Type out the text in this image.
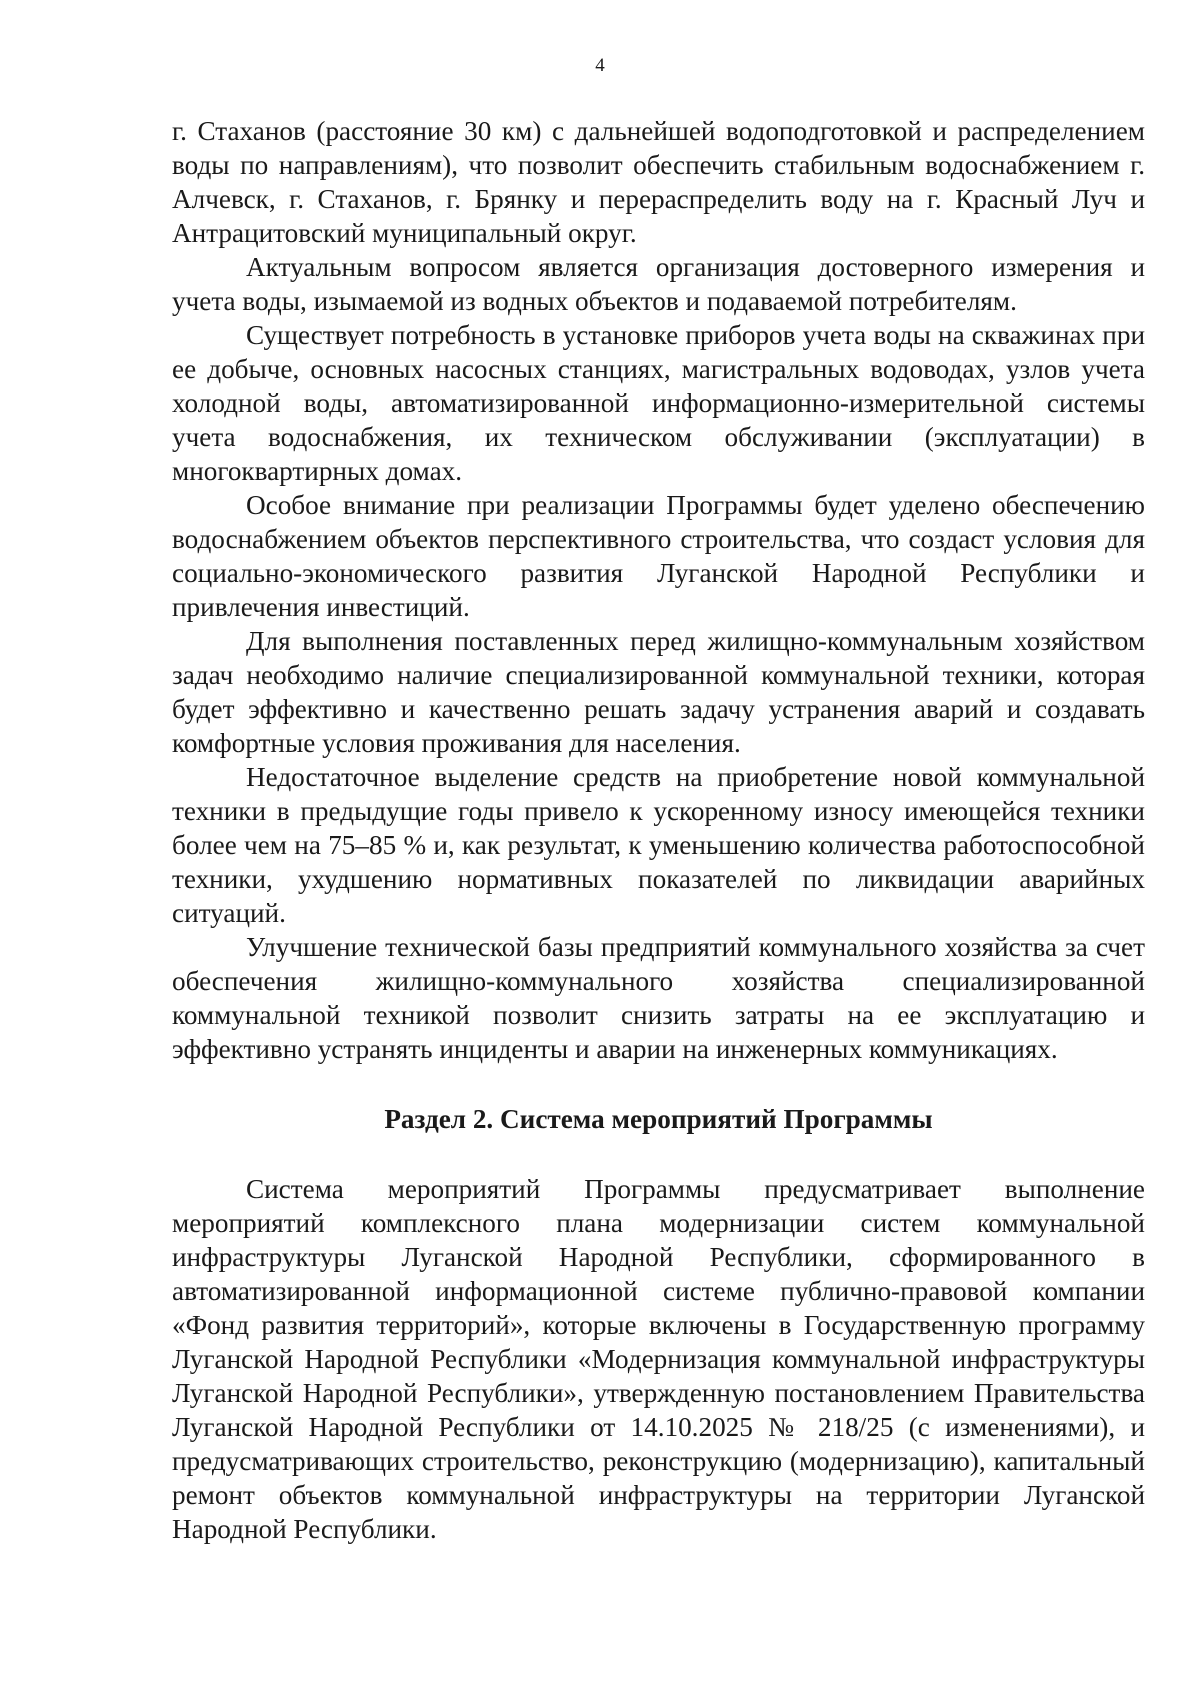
4

г. Стаханов (расстояние 30 км) с дальнейшей водоподготовкой и распределением воды по направлениям), что позволит обеспечить стабильным водоснабжением г. Алчевск, г. Стаханов, г. Брянку и перераспределить воду на г. Красный Луч и Антрацитовский муниципальный округ.

Актуальным вопросом является организация достоверного измерения и учета воды, изымаемой из водных объектов и подаваемой потребителям.

Существует потребность в установке приборов учета воды на скважинах при ее добыче, основных насосных станциях, магистральных водоводах, узлов учета холодной воды, автоматизированной информационно-измерительной системы учета водоснабжения, их техническом обслуживании (эксплуатации) в многоквартирных домах.

Особое внимание при реализации Программы будет уделено обеспечению водоснабжением объектов перспективного строительства, что создаст условия для социально-экономического развития Луганской Народной Республики и привлечения инвестиций.

Для выполнения поставленных перед жилищно-коммунальным хозяйством задач необходимо наличие специализированной коммунальной техники, которая будет эффективно и качественно решать задачу устранения аварий и создавать комфортные условия проживания для населения.

Недостаточное выделение средств на приобретение новой коммунальной техники в предыдущие годы привело к ускоренному износу имеющейся техники более чем на 75–85 % и, как результат, к уменьшению количества работоспособной техники, ухудшению нормативных показателей по ликвидации аварийных ситуаций.

Улучшение технической базы предприятий коммунального хозяйства за счет обеспечения жилищно-коммунального хозяйства специализированной коммунальной техникой позволит снизить затраты на ее эксплуатацию и эффективно устранять инциденты и аварии на инженерных коммуникациях.

Раздел 2. Система мероприятий Программы

Система мероприятий Программы предусматривает выполнение мероприятий комплексного плана модернизации систем коммунальной инфраструктуры Луганской Народной Республики, сформированного в автоматизированной информационной системе публично-правовой компании «Фонд развития территорий», которые включены в Государственную программу Луганской Народной Республики «Модернизация коммунальной инфраструктуры Луганской Народной Республики», утвержденную постановлением Правительства Луганской Народной Республики от 14.10.2025 № 218/25 (с изменениями), и предусматривающих строительство, реконструкцию (модернизацию), капитальный ремонт объектов коммунальной инфраструктуры на территории Луганской Народной Республики.
